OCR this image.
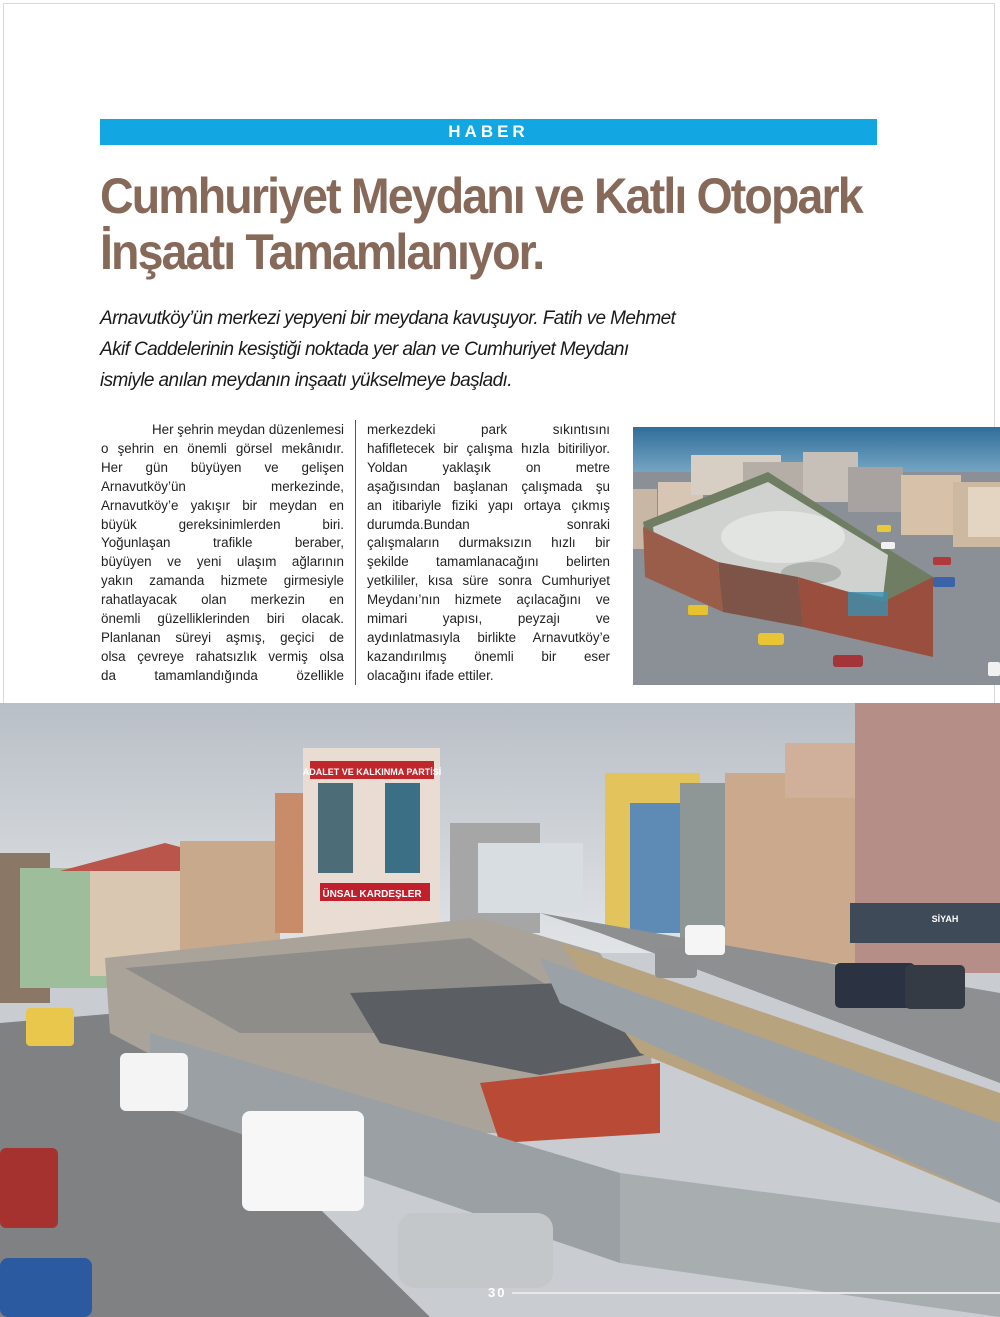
HABER
Cumhuriyet Meydanı ve Katlı Otopark
İnşaatı Tamamlanıyor.

Arnavutköy’ün merkezi yepyeni bir meydana kavuşuyor. Fatih ve Mehmet
Akif Caddelerinin kesiştiği noktada yer alan ve Cumhuriyet Meydanı
ismiyle anılan meydanın inşaatı yükselmeye başladı.

Her şehrin meydan düzenlemesi
o şehrin en önemli görsel mekânıdır.
Her gün büyüyen ve gelişen
Arnavutköy’ün merkezinde,
Arnavutköy’e yakışır bir meydan en
büyük gereksinimlerden biri.
Yoğunlaşan trafikle beraber,
büyüyen ve yeni ulaşım ağlarının
yakın zamanda hizmete girmesiyle
rahatlayacak olan merkezin en
önemli güzelliklerinden biri olacak.
Planlanan süreyi aşmış, geçici de
olsa çevreye rahatsızlık vermiş olsa
da tamamlandığında özellikle
merkezdeki park sıkıntısını
hafifletecek bir çalışma hızla bitiriliyor.
Yoldan yaklaşık on metre
aşağısından başlanan çalışmada şu
an itibariyle fiziki yapı ortaya çıkmış
durumda.Bundan sonraki
çalışmaların durmaksızın hızlı bir
şekilde tamamlanacağını belirten
yetkililer, kısa süre sonra Cumhuriyet
Meydanı’nın hizmete açılacağını ve
mimari yapısı, peyzajı ve
aydınlatmasıyla birlikte Arnavutköy’e
kazandırılmış önemli bir eser
olacağını ifade ettiler.
ADALET VE KALKINMA PARTİSİ
ÜNSAL KARDEŞLER
SİYAH
30
